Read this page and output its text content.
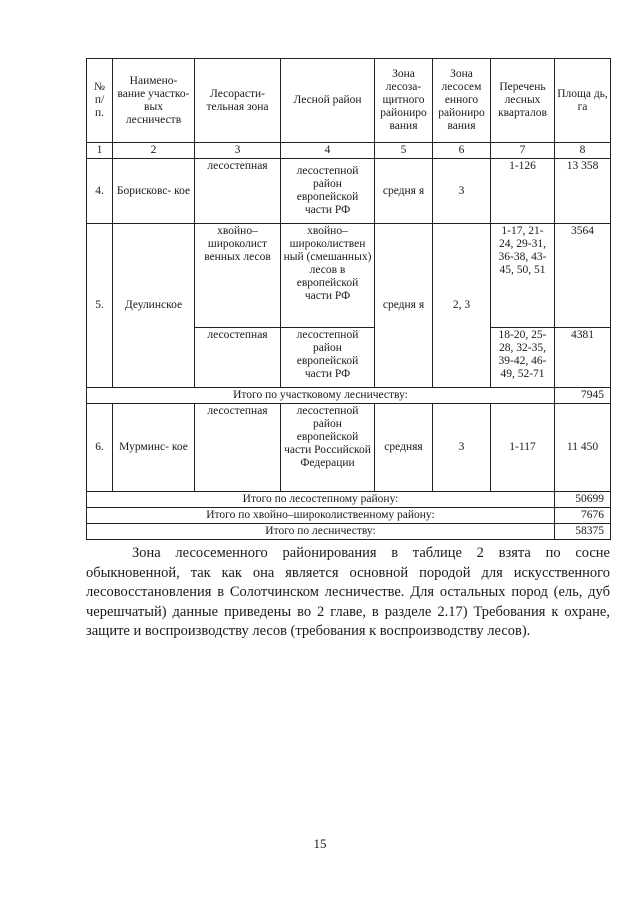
№ п/ п.	Наимено- вание участко- вых лесничеств	Лесорасти- тельная зона	Лесной район	Зона лесоза- щитного райониро вания	Зона лесосем енного райониро вания	Перечень лесных кварталов	Площа дь, га
1	2	3	4	5	6	7	8
4.	Борисковс- кое	лесостепная	лесостепной район европейской части РФ	средня я	3	1-126	13 358
5.	Деулинское	хвойно– широколист венных лесов	хвойно– широколиствен ный (смешанных) лесов в европейской части РФ	средня я	2, 3	1-17, 21- 24, 29-31, 36-38, 43- 45, 50, 51	3564
		лесостепная	лесостепной район европейской части РФ			18-20, 25- 28, 32-35, 39-42, 46- 49, 52-71	4381
Итого по участковому лесничеству:							7945
6.	Мурминс- кое	лесостепная	лесостепной район европейской части Российской Федерации	средняя	3	1-117	11 450
Итого по лесостепному району:							50699
Итого по хвойно–широколиственному району:							7676
Итого по лесничеству:							58375

Зона лесосеменного районирования в таблице 2 взята по сосне обыкновенной, так как она является основной породой для искусственного лесовосстановления в Солотчинском лесничестве. Для остальных пород (ель, дуб черешчатый) данные приведены во 2 главе, в разделе 2.17) Требования к охране, защите и воспроизводству лесов (требования к воспроизводству лесов).

15
